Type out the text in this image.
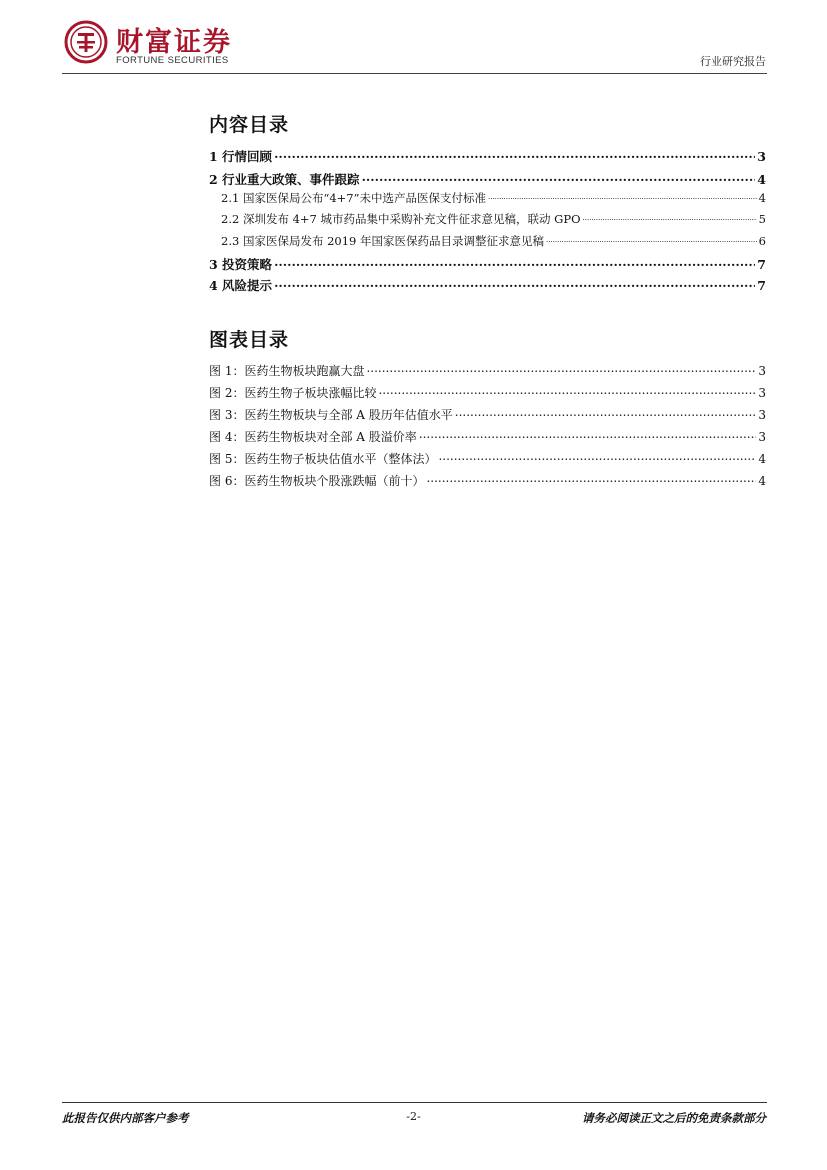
财富证券
FORTUNE SECURITIES	行业研究报告
内容目录
1 行情回顾 .....	3
2 行业重大政策、事件跟踪 .....	4
2.1 国家医保局公布“4+7”未中选产品医保支付标准 .....	4
2.2 深圳发布 4+7 城市药品集中采购补充文件征求意见稿，联动 GPO .....	5
2.3 国家医保局发布 2019 年国家医保药品目录调整征求意见稿 .....	6
3 投资策略 .....	7
4 风险提示 .....	7
图表目录
图 1：医药生物板块跑赢大盘 .....	3
图 2：医药生物子板块涨幅比较 .....	3
图 3：医药生物板块与全部 A 股历年估值水平 .....	3
图 4：医药生物板块对全部 A 股溢价率 .....	3
图 5：医药生物子板块估值水平（整体法） .....	4
图 6：医药生物板块个股涨跌幅（前十） .....	4
此报告仅供内部客户参考	-2-	请务必阅读正文之后的免责条款部分
